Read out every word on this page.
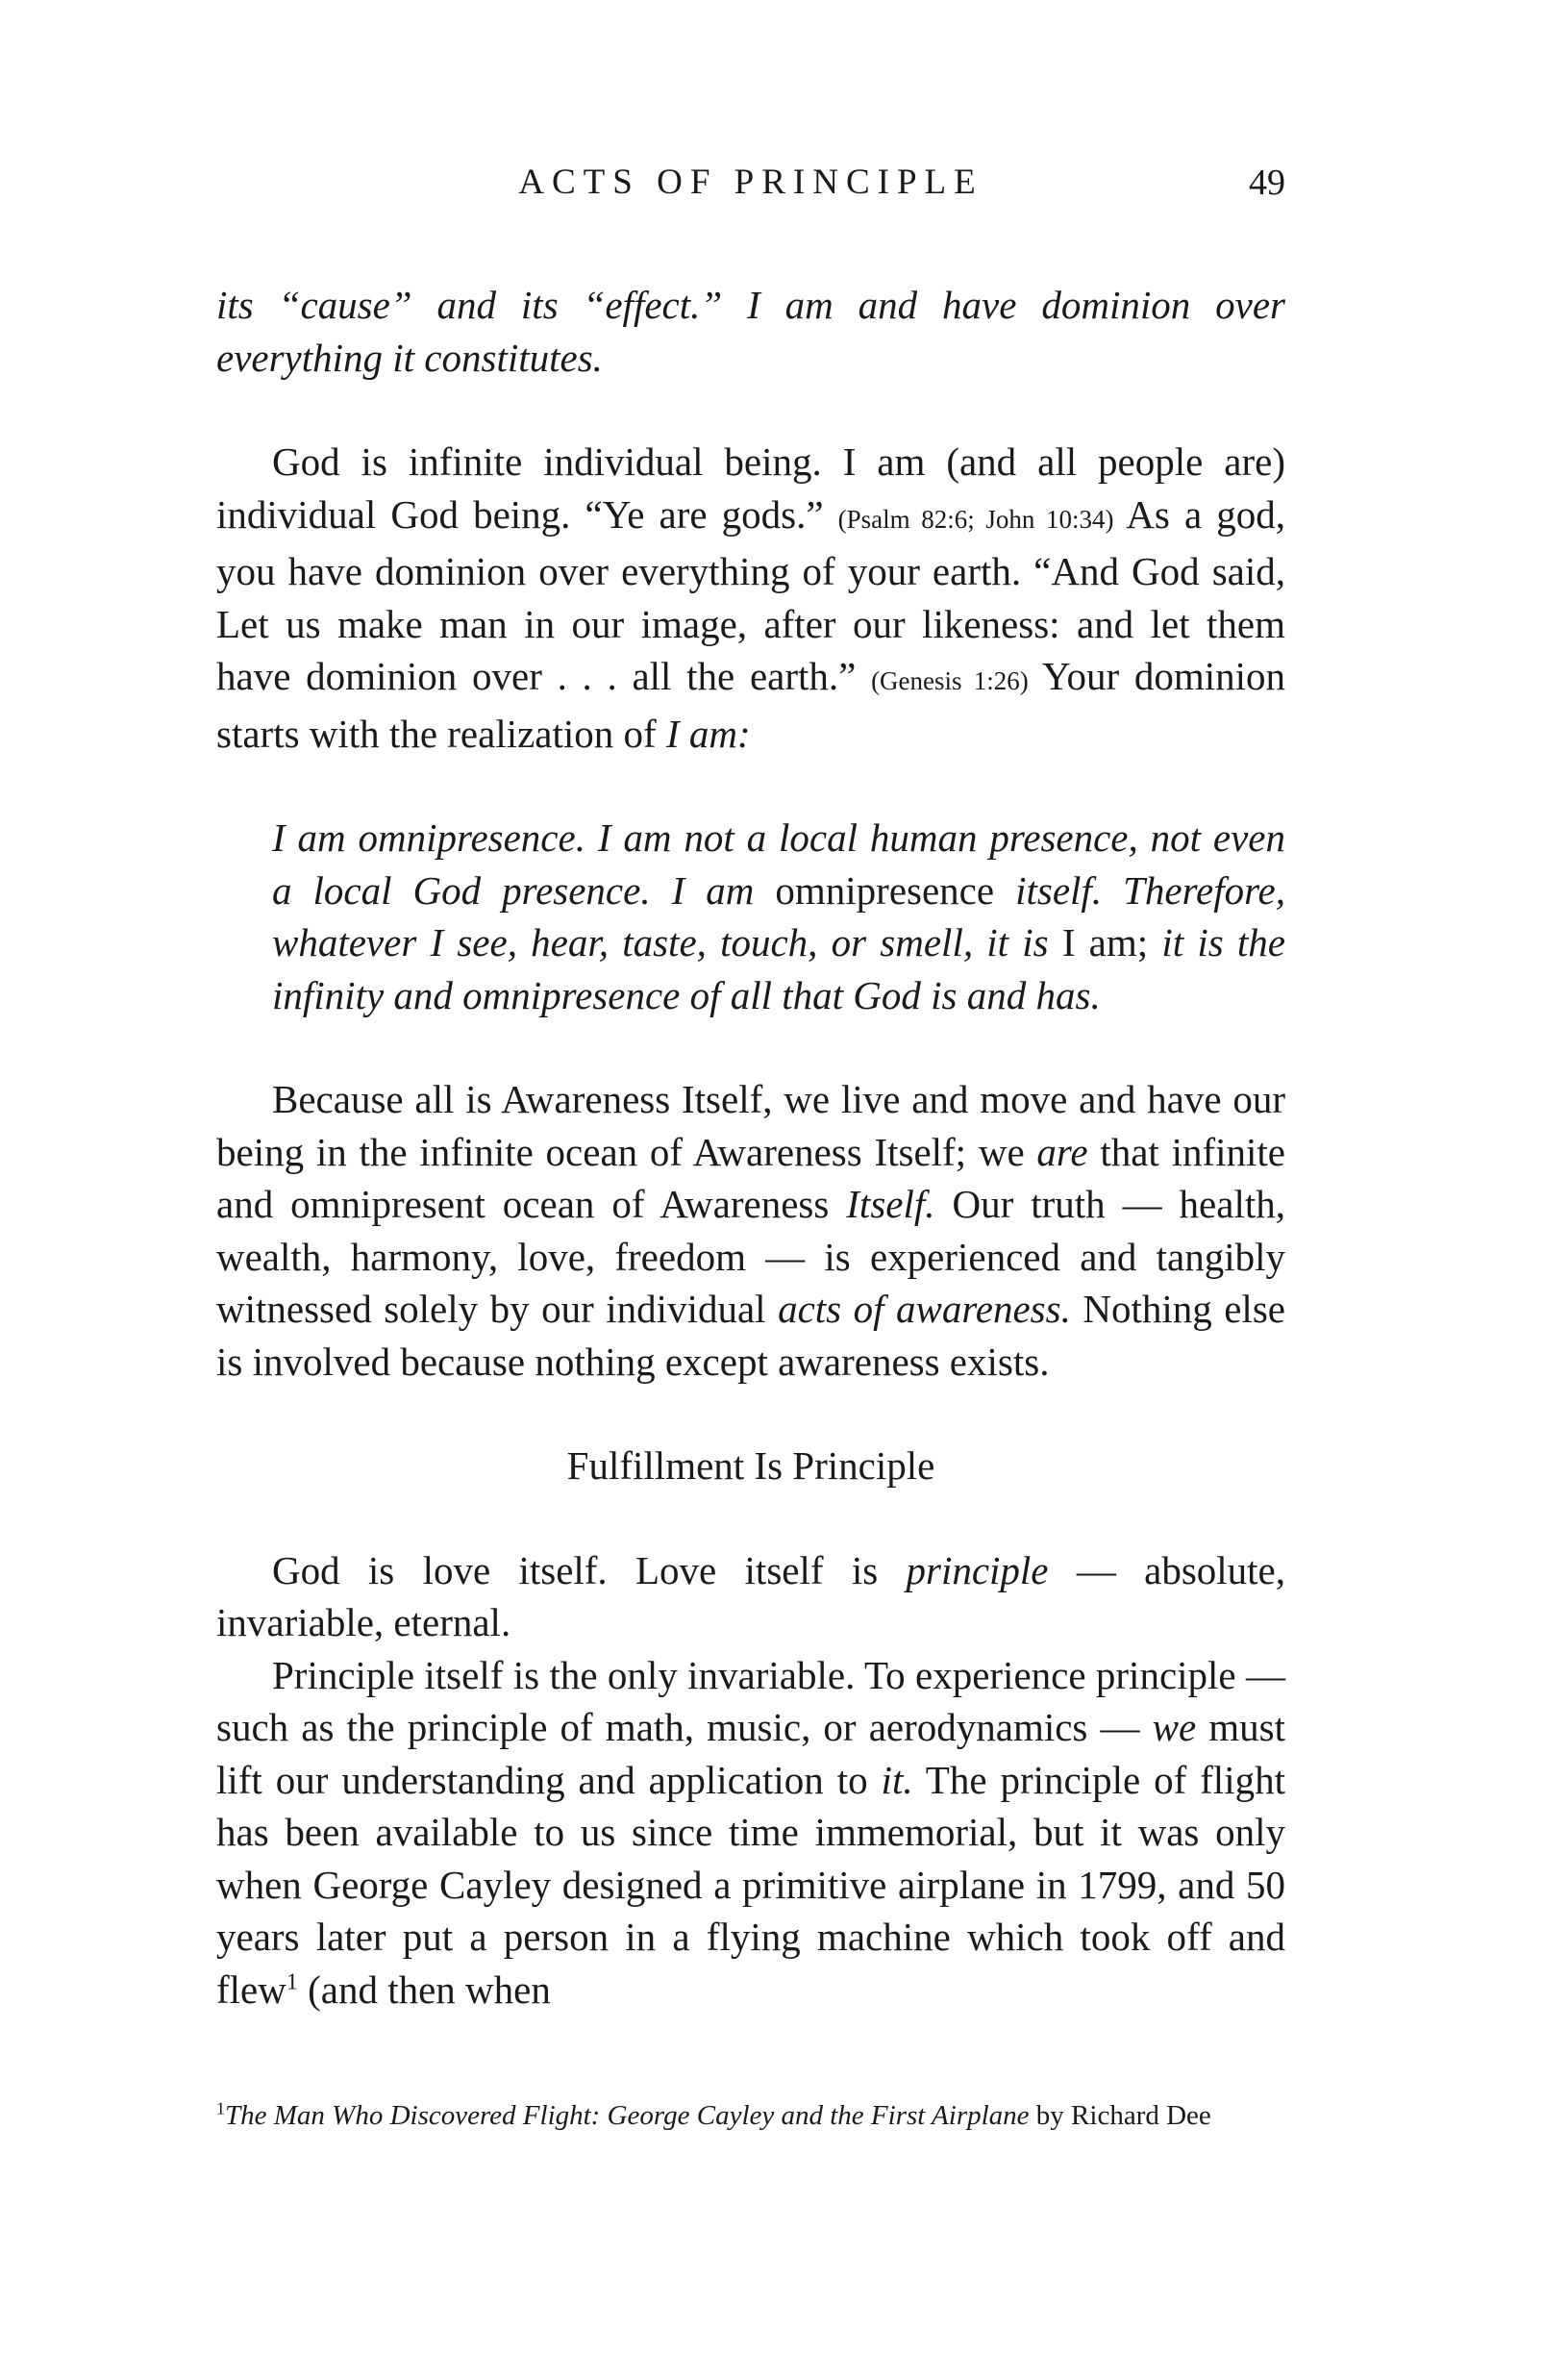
ACTS OF PRINCIPLE	49

its “cause” and its “effect.” I am and have dominion over everything it constitutes.

God is infinite individual being. I am (and all people are) individual God being. “Ye are gods.” (Psalm 82:6; John 10:34) As a god, you have dominion over everything of your earth. “And God said, Let us make man in our image, after our likeness: and let them have dominion over . . . all the earth.” (Genesis 1:26) Your dominion starts with the realization of I am:

I am omnipresence. I am not a local human presence, not even a local God presence. I am omnipresence itself. Therefore, whatever I see, hear, taste, touch, or smell, it is I am; it is the infinity and omnipresence of all that God is and has.

Because all is Awareness Itself, we live and move and have our being in the infinite ocean of Awareness Itself; we are that infinite and omnipresent ocean of Awareness Itself. Our truth — health, wealth, harmony, love, freedom — is experienced and tangibly witnessed solely by our individual acts of awareness. Nothing else is involved because nothing except awareness exists.

Fulfillment Is Principle

God is love itself. Love itself is principle — absolute, invariable, eternal.

Principle itself is the only invariable. To experience principle — such as the principle of math, music, or aerodynamics — we must lift our understanding and application to it. The principle of flight has been available to us since time immemorial, but it was only when George Cayley designed a primitive airplane in 1799, and 50 years later put a person in a flying machine which took off and flew$^1$ (and then when

$^1$The Man Who Discovered Flight: George Cayley and the First Airplane by Richard Dee
